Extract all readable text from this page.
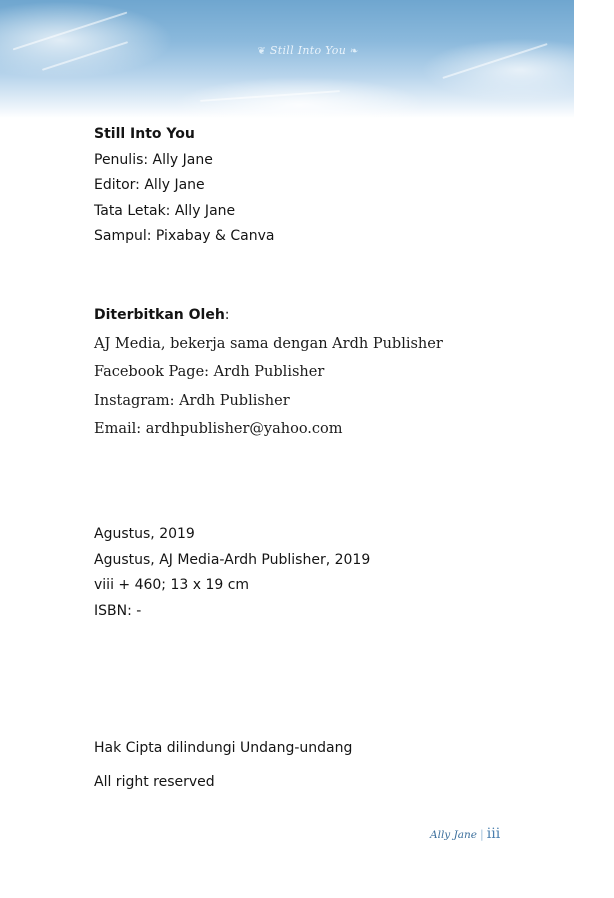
❦ Still Into You ❧
Still Into You
Penulis: Ally Jane
Editor: Ally Jane
Tata Letak: Ally Jane
Sampul: Pixabay & Canva
Diterbitkan Oleh:
AJ Media, bekerja sama dengan Ardh Publisher
Facebook Page: Ardh Publisher
Instagram: Ardh Publisher
Email: ardhpublisher@yahoo.com
Agustus, 2019
Agustus, AJ Media-Ardh Publisher, 2019
viii + 460; 13 x 19 cm
ISBN: -
Hak Cipta dilindungi Undang-undang
All right reserved
Ally Jane | iii
